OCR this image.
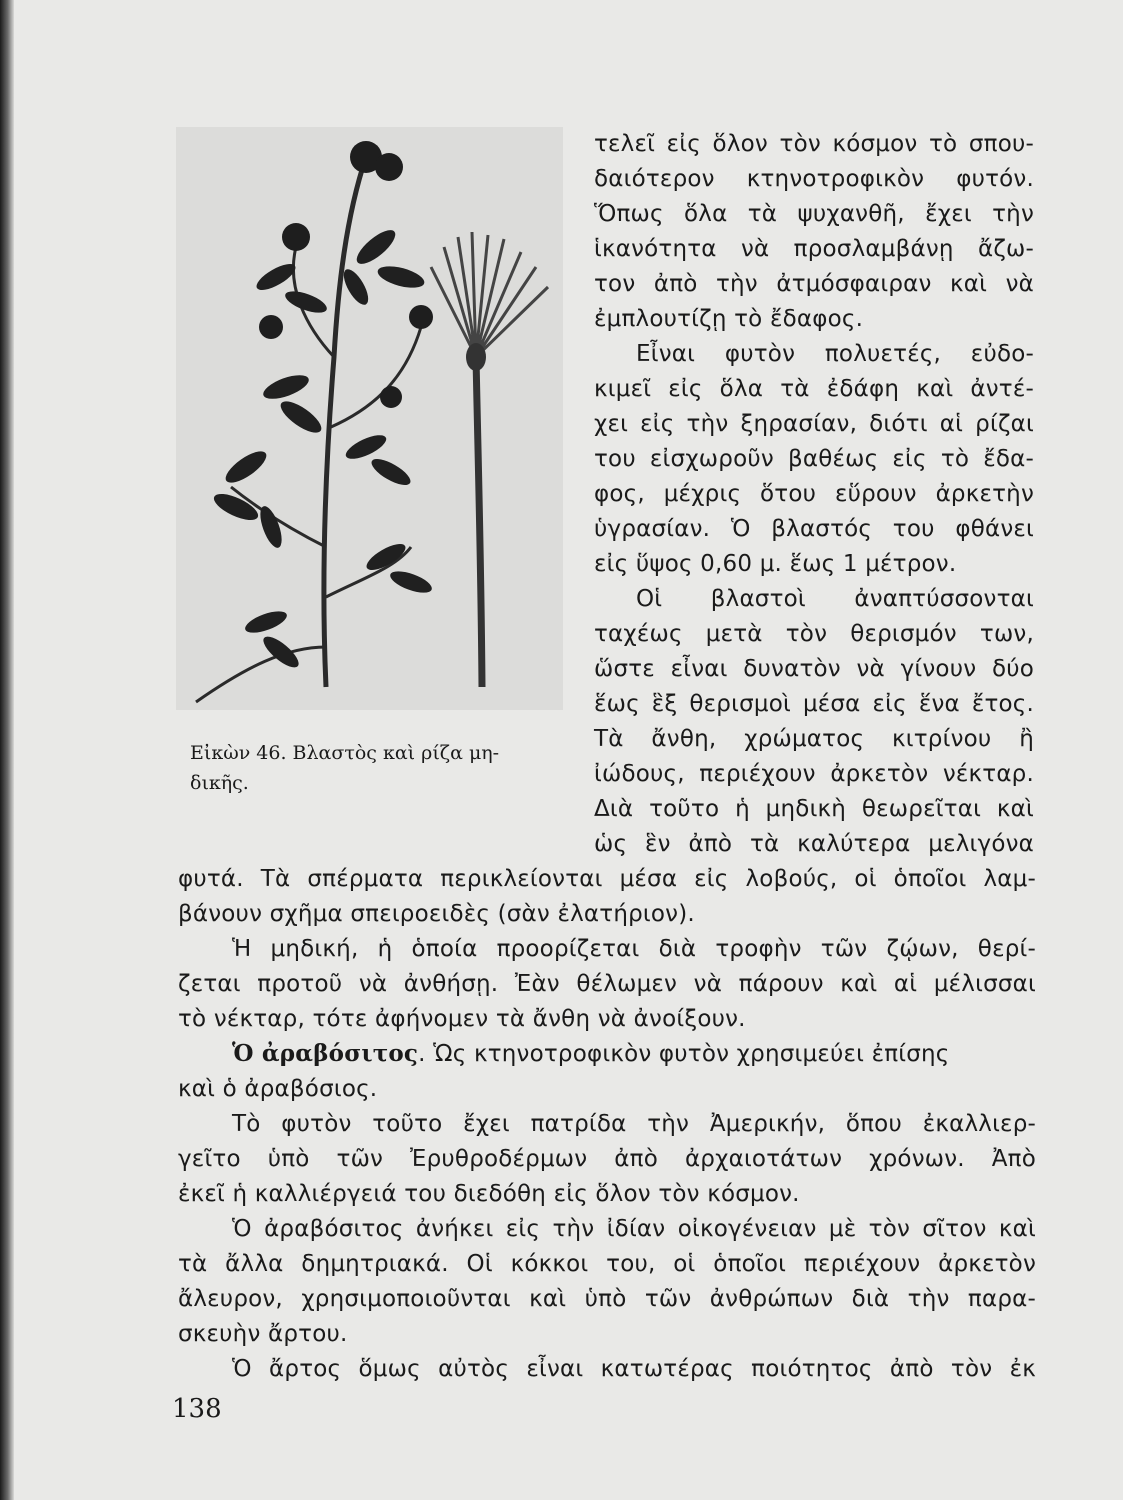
Εἰκὼν 46. Βλαστὸς καὶ ρίζα μη-
δικῆς.
τελεῖ εἰς ὅλον τὸν κόσμον τὸ σπου-
δαιότερον κτηνοτροφικὸν φυτόν.
Ὅπως ὅλα τὰ ψυχανθῆ, ἔχει τὴν
ἱκανότητα νὰ προσλαμβάνῃ ἄζω-
τον ἀπὸ τὴν ἀτμόσφαιραν καὶ νὰ
ἐμπλουτίζῃ τὸ ἔδαφος.
Εἶναι φυτὸν πολυετές, εὐδο-
κιμεῖ εἰς ὅλα τὰ ἐδάφη καὶ ἀντέ-
χει εἰς τὴν ξηρασίαν, διότι αἱ ρίζαι
του εἰσχωροῦν βαθέως εἰς τὸ ἔδα-
φος, μέχρις ὅτου εὕρουν ἀρκετὴν
ὑγρασίαν. Ὁ βλαστός του φθάνει
εἰς ὕψος 0,60 μ. ἕως 1 μέτρον.
Οἱ βλαστοὶ ἀναπτύσσονται
ταχέως μετὰ τὸν θερισμόν των,
ὥστε εἶναι δυνατὸν νὰ γίνουν δύο
ἕως ἓξ θερισμοὶ μέσα εἰς ἕνα ἔτος.
Τὰ ἄνθη, χρώματος κιτρίνου ἢ
ἰώδους, περιέχουν ἀρκετὸν νέκταρ.
Διὰ τοῦτο ἡ μηδικὴ θεωρεῖται καὶ
ὡς ἓν ἀπὸ τὰ καλύτερα μελιγόνα
φυτά. Τὰ σπέρματα περικλείονται μέσα εἰς λοβούς, οἱ ὁποῖοι λαμ-
βάνουν σχῆμα σπειροειδὲς (σὰν ἐλατήριον).
Ἡ μηδική, ἡ ὁποία προορίζεται διὰ τροφὴν τῶν ζῴων, θερί-
ζεται προτοῦ νὰ ἀνθήσῃ. Ἐὰν θέλωμεν νὰ πάρουν καὶ αἱ μέλισσαι
τὸ νέκταρ, τότε ἀφήνομεν τὰ ἄνθη νὰ ἀνοίξουν.
Ὁ ἀραβόσιτος . Ὡς κτηνοτροφικὸν φυτὸν χρησιμεύει ἐπίσης
καὶ ὁ ἀραβόσιος.
Τὸ φυτὸν τοῦτο ἔχει πατρίδα τὴν Ἀμερικήν, ὅπου ἐκαλλιερ-
γεῖτο ὑπὸ τῶν Ἐρυθροδέρμων ἀπὸ ἀρχαιοτάτων χρόνων. Ἀπὸ
ἐκεῖ ἡ καλλιέργειά του διεδόθη εἰς ὅλον τὸν κόσμον.
Ὁ ἀραβόσιτος ἀνήκει εἰς τὴν ἰδίαν οἰκογένειαν μὲ τὸν σῖτον καὶ
τὰ ἄλλα δημητριακά. Οἱ κόκκοι του, οἱ ὁποῖοι περιέχουν ἀρκετὸν
ἄλευρον, χρησιμοποιοῦνται καὶ ὑπὸ τῶν ἀνθρώπων διὰ τὴν παρα-
σκευὴν ἄρτου.
Ὁ ἄρτος ὅμως αὐτὸς εἶναι κατωτέρας ποιότητος ἀπὸ τὸν ἐκ
138
